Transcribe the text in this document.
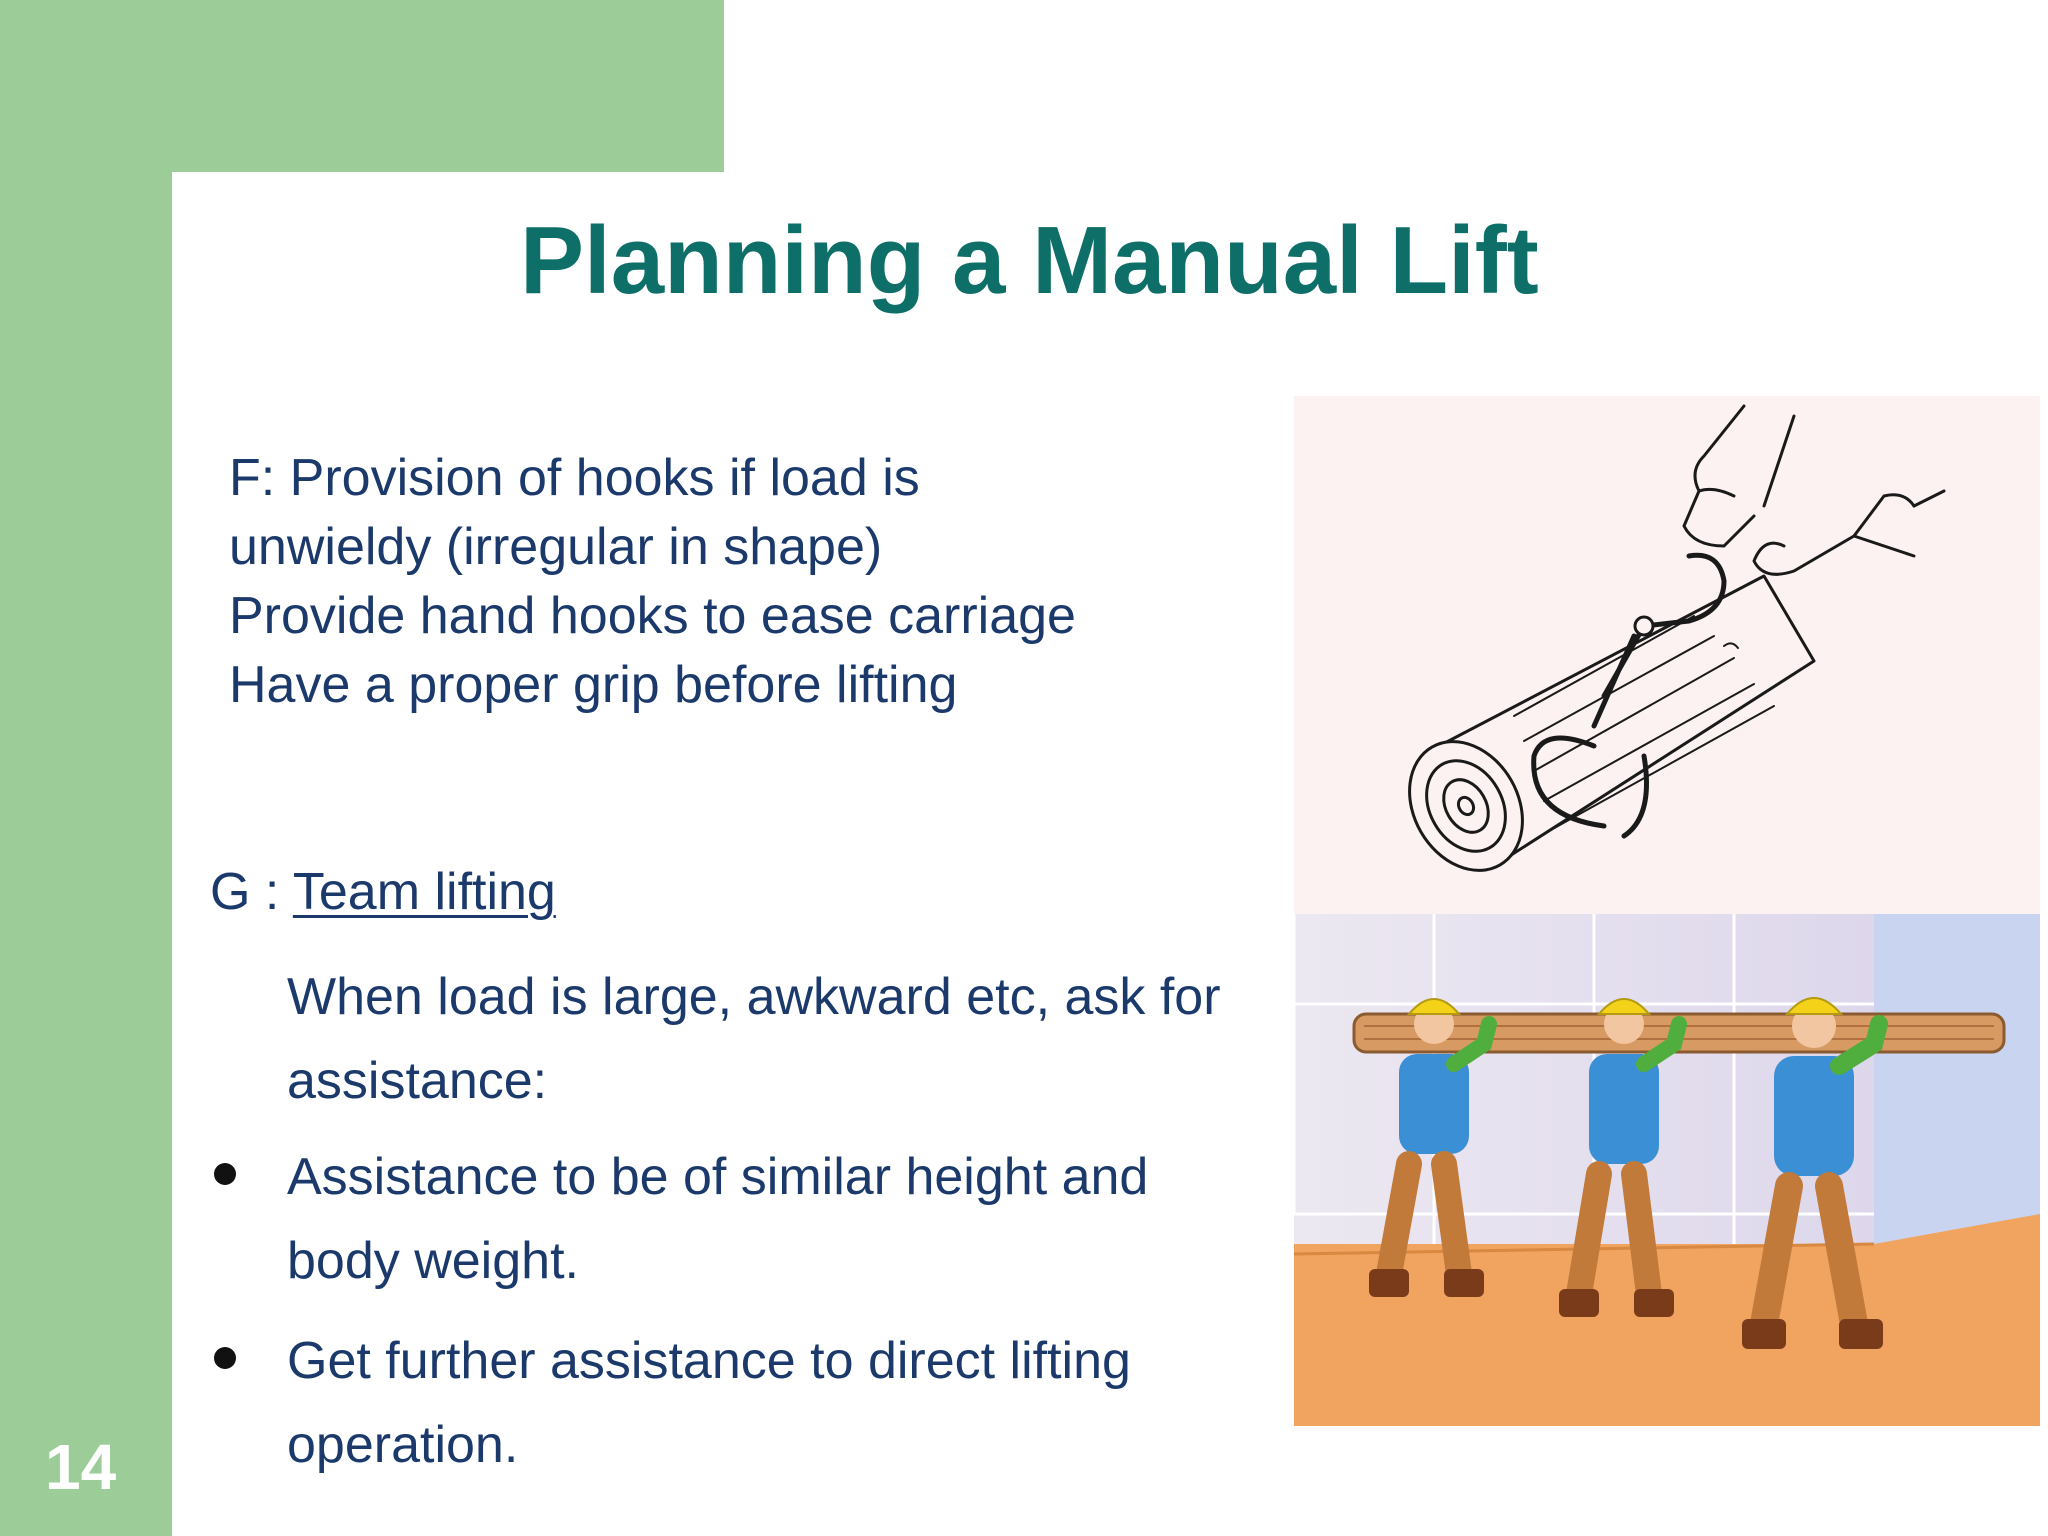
Planning a Manual Lift
F: Provision of hooks if load is
unwieldy (irregular in shape)
Provide hand hooks to ease carriage
Have a proper grip before lifting
G : Team lifting
When load is large, awkward etc, ask for assistance:
Assistance to be of similar height and body weight.
Get further assistance to direct lifting operation.
14
